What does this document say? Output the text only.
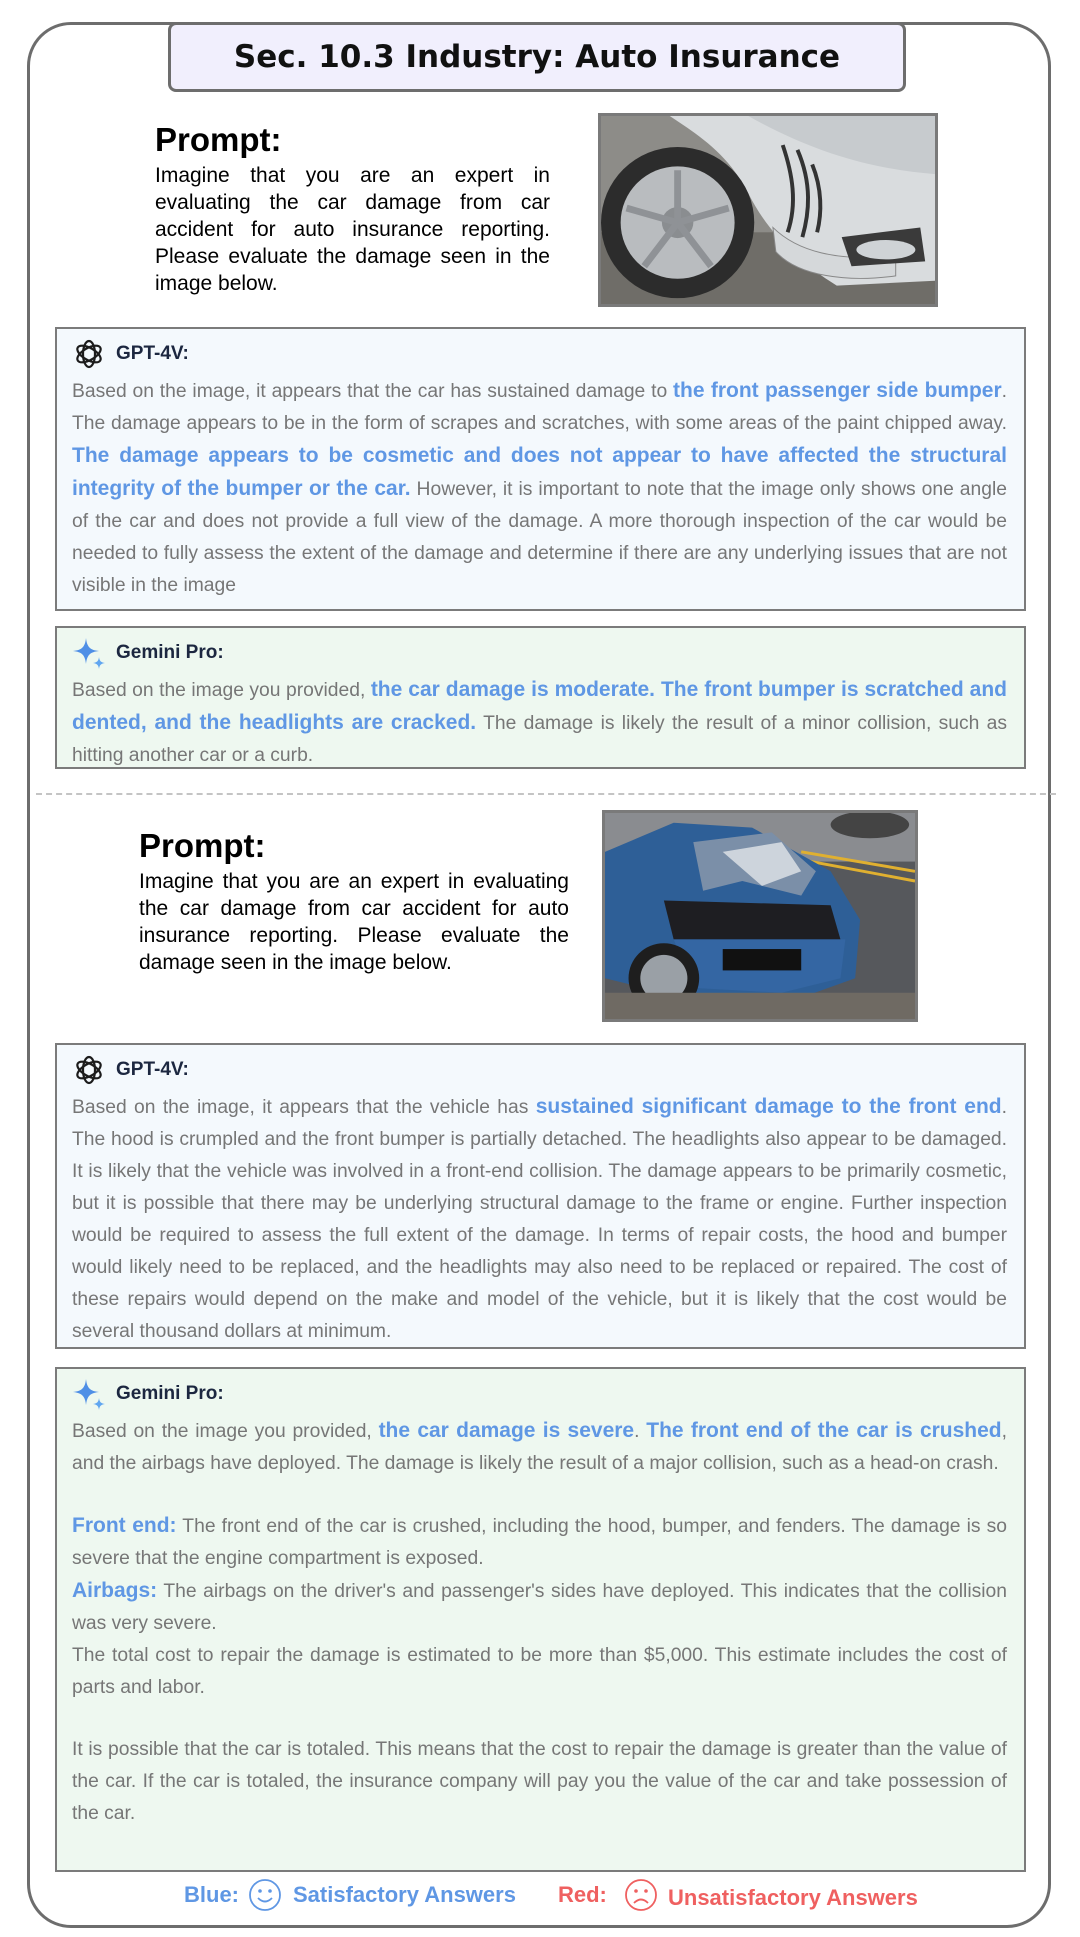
Sec. 10.3 Industry: Auto Insurance
Prompt:
Imagine that you are an expert in evaluating the car damage from car accident for auto insurance reporting. Please evaluate the damage seen in the image below.
GPT-4V:
Based on the image, it appears that the car has sustained damage to the front passenger side bumper. The damage appears to be in the form of scrapes and scratches, with some areas of the paint chipped away. The damage appears to be cosmetic and does not appear to have affected the structural integrity of the bumper or the car. However, it is important to note that the image only shows one angle of the car and does not provide a full view of the damage. A more thorough inspection of the car would be needed to fully assess the extent of the damage and determine if there are any underlying issues that are not visible in the image
Gemini Pro:
Based on the image you provided, the car damage is moderate. The front bumper is scratched and dented, and the headlights are cracked. The damage is likely the result of a minor collision, such as hitting another car or a curb.
Prompt:
Imagine that you are an expert in evaluating the car damage from car accident for auto insurance reporting. Please evaluate the damage seen in the image below.
GPT-4V:
Based on the image, it appears that the vehicle has sustained significant damage to the front end. The hood is crumpled and the front bumper is partially detached. The headlights also appear to be damaged. It is likely that the vehicle was involved in a front-end collision. The damage appears to be primarily cosmetic, but it is possible that there may be underlying structural damage to the frame or engine. Further inspection would be required to assess the full extent of the damage. In terms of repair costs, the hood and bumper would likely need to be replaced, and the headlights may also need to be replaced or repaired. The cost of these repairs would depend on the make and model of the vehicle, but it is likely that the cost would be several thousand dollars at minimum.
Gemini Pro:
Based on the image you provided, the car damage is severe. The front end of the car is crushed, and the airbags have deployed. The damage is likely the result of a major collision, such as a head-on crash.
Front end: The front end of the car is crushed, including the hood, bumper, and fenders. The damage is so severe that the engine compartment is exposed.
Airbags: The airbags on the driver's and passenger's sides have deployed. This indicates that the collision was very severe.
The total cost to repair the damage is estimated to be more than $5,000. This estimate includes the cost of parts and labor.
It is possible that the car is totaled. This means that the cost to repair the damage is greater than the value of the car. If the car is totaled, the insurance company will pay you the value of the car and take possession of the car.
Blue: Satisfactory Answers Red:	Unsatisfactory Answers
